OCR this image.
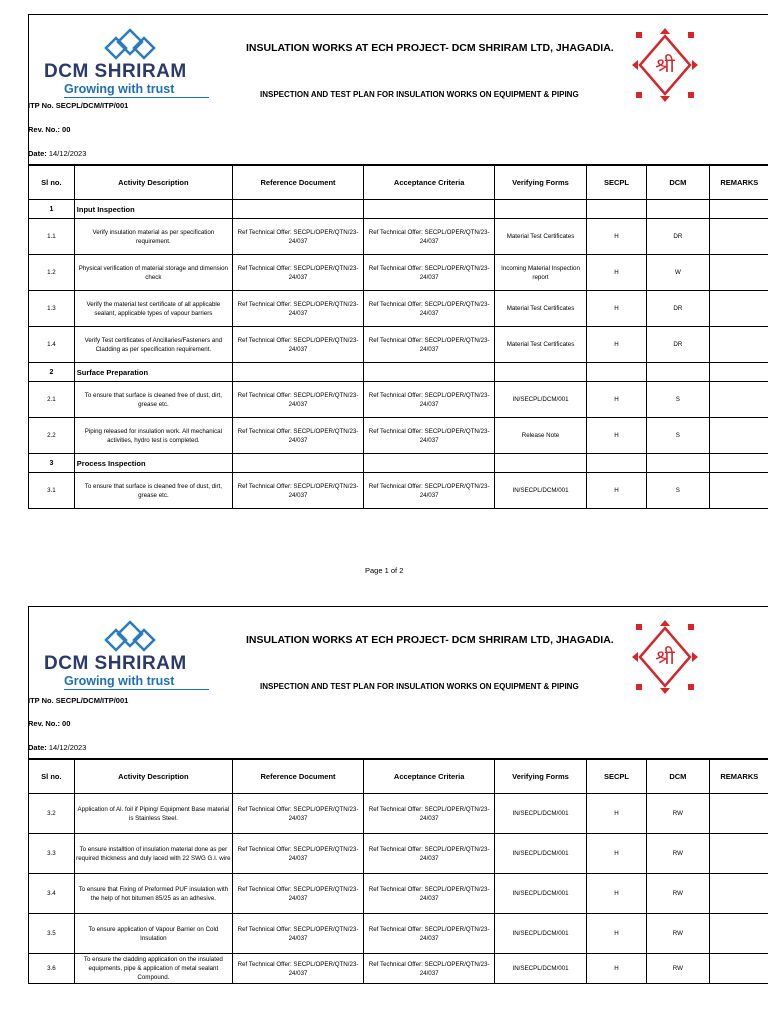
DCM SHRIRAM
Growing with trust
INSULATION WORKS AT ECH PROJECT- DCM SHRIRAM LTD, JHAGADIA.
INSPECTION AND TEST PLAN FOR INSULATION WORKS ON EQUIPMENT & PIPING
ITP No. SECPL/DCM/ITP/001
Rev. No.: 00
Date: 14/12/2023
श्री
Sl no.	Activity Description	Reference Document	Acceptance Criteria	Verifying Forms	SECPL	DCM	REMARKS
1	Input Inspection						
1.1	Verify insulation material as per specification requirement.	Ref Technical Offer: SECPL/OPER/QTN/23-24/037	Ref Technical Offer: SECPL/OPER/QTN/23-24/037	Material Test Certificates	H	DR	
1.2	Physical verification of material storage and dimension check	Ref Technical Offer: SECPL/OPER/QTN/23-24/037	Ref Technical Offer: SECPL/OPER/QTN/23-24/037	Incoming Material Inspection report	H	W	
1.3	Verify the material test certificate of all applicable sealant, applicable types of vapour barriers	Ref Technical Offer: SECPL/OPER/QTN/23-24/037	Ref Technical Offer: SECPL/OPER/QTN/23-24/037	Material Test Certificates	H	DR	
1.4	Verify Test certificates of Ancillaries/Fasteners and Cladding as per specification requirement.	Ref Technical Offer: SECPL/OPER/QTN/23-24/037	Ref Technical Offer: SECPL/OPER/QTN/23-24/037	Material Test Certificates	H	DR	
2	Surface Preparation						
2.1	To ensure that surface is cleaned free of dust, dirt, grease etc.	Ref Technical Offer: SECPL/OPER/QTN/23-24/037	Ref Technical Offer: SECPL/OPER/QTN/23-24/037	IN/SECPL/DCM/001	H	S	
2.2	Piping released for insulation work. All mechanical activities, hydro test is completed.	Ref Technical Offer: SECPL/OPER/QTN/23-24/037	Ref Technical Offer: SECPL/OPER/QTN/23-24/037	Release Note	H	S	
3	Process Inspection						
3.1	To ensure that surface is cleaned free of dust, dirt, grease etc.	Ref Technical Offer: SECPL/OPER/QTN/23-24/037	Ref Technical Offer: SECPL/OPER/QTN/23-24/037	IN/SECPL/DCM/001	H	S	
Page 1 of 2
DCM SHRIRAM
Growing with trust
INSULATION WORKS AT ECH PROJECT- DCM SHRIRAM LTD, JHAGADIA.
INSPECTION AND TEST PLAN FOR INSULATION WORKS ON EQUIPMENT & PIPING
ITP No. SECPL/DCM/ITP/001
Rev. No.: 00
Date: 14/12/2023
श्री
Sl no.	Activity Description	Reference Document	Acceptance Criteria	Verifying Forms	SECPL	DCM	REMARKS
3.2	Application of Al. foil if Piping/ Equipment Base material is Stainless Steel.	Ref Technical Offer: SECPL/OPER/QTN/23-24/037	Ref Technical Offer: SECPL/OPER/QTN/23-24/037	IN/SECPL/DCM/001	H	RW	
3.3	To ensure installtion of insulation material done as per required thickness and duly laced with 22 SWG G.I. wire	Ref Technical Offer: SECPL/OPER/QTN/23-24/037	Ref Technical Offer: SECPL/OPER/QTN/23-24/037	IN/SECPL/DCM/001	H	RW	
3.4	To ensure that Fixing of Preformed PUF insulation with the help of hot bitumen 85/25 as an adhesive.	Ref Technical Offer: SECPL/OPER/QTN/23-24/037	Ref Technical Offer: SECPL/OPER/QTN/23-24/037	IN/SECPL/DCM/001	H	RW	
3.5	To ensure application of Vapour Barrier on Cold Insulation	Ref Technical Offer: SECPL/OPER/QTN/23-24/037	Ref Technical Offer: SECPL/OPER/QTN/23-24/037	IN/SECPL/DCM/001	H	RW	
3.6	To ensure the cladding application on the insulated equipments, pipe & application of metal sealant Compound.	Ref Technical Offer: SECPL/OPER/QTN/23-24/037	Ref Technical Offer: SECPL/OPER/QTN/23-24/037	IN/SECPL/DCM/001	H	RW	
